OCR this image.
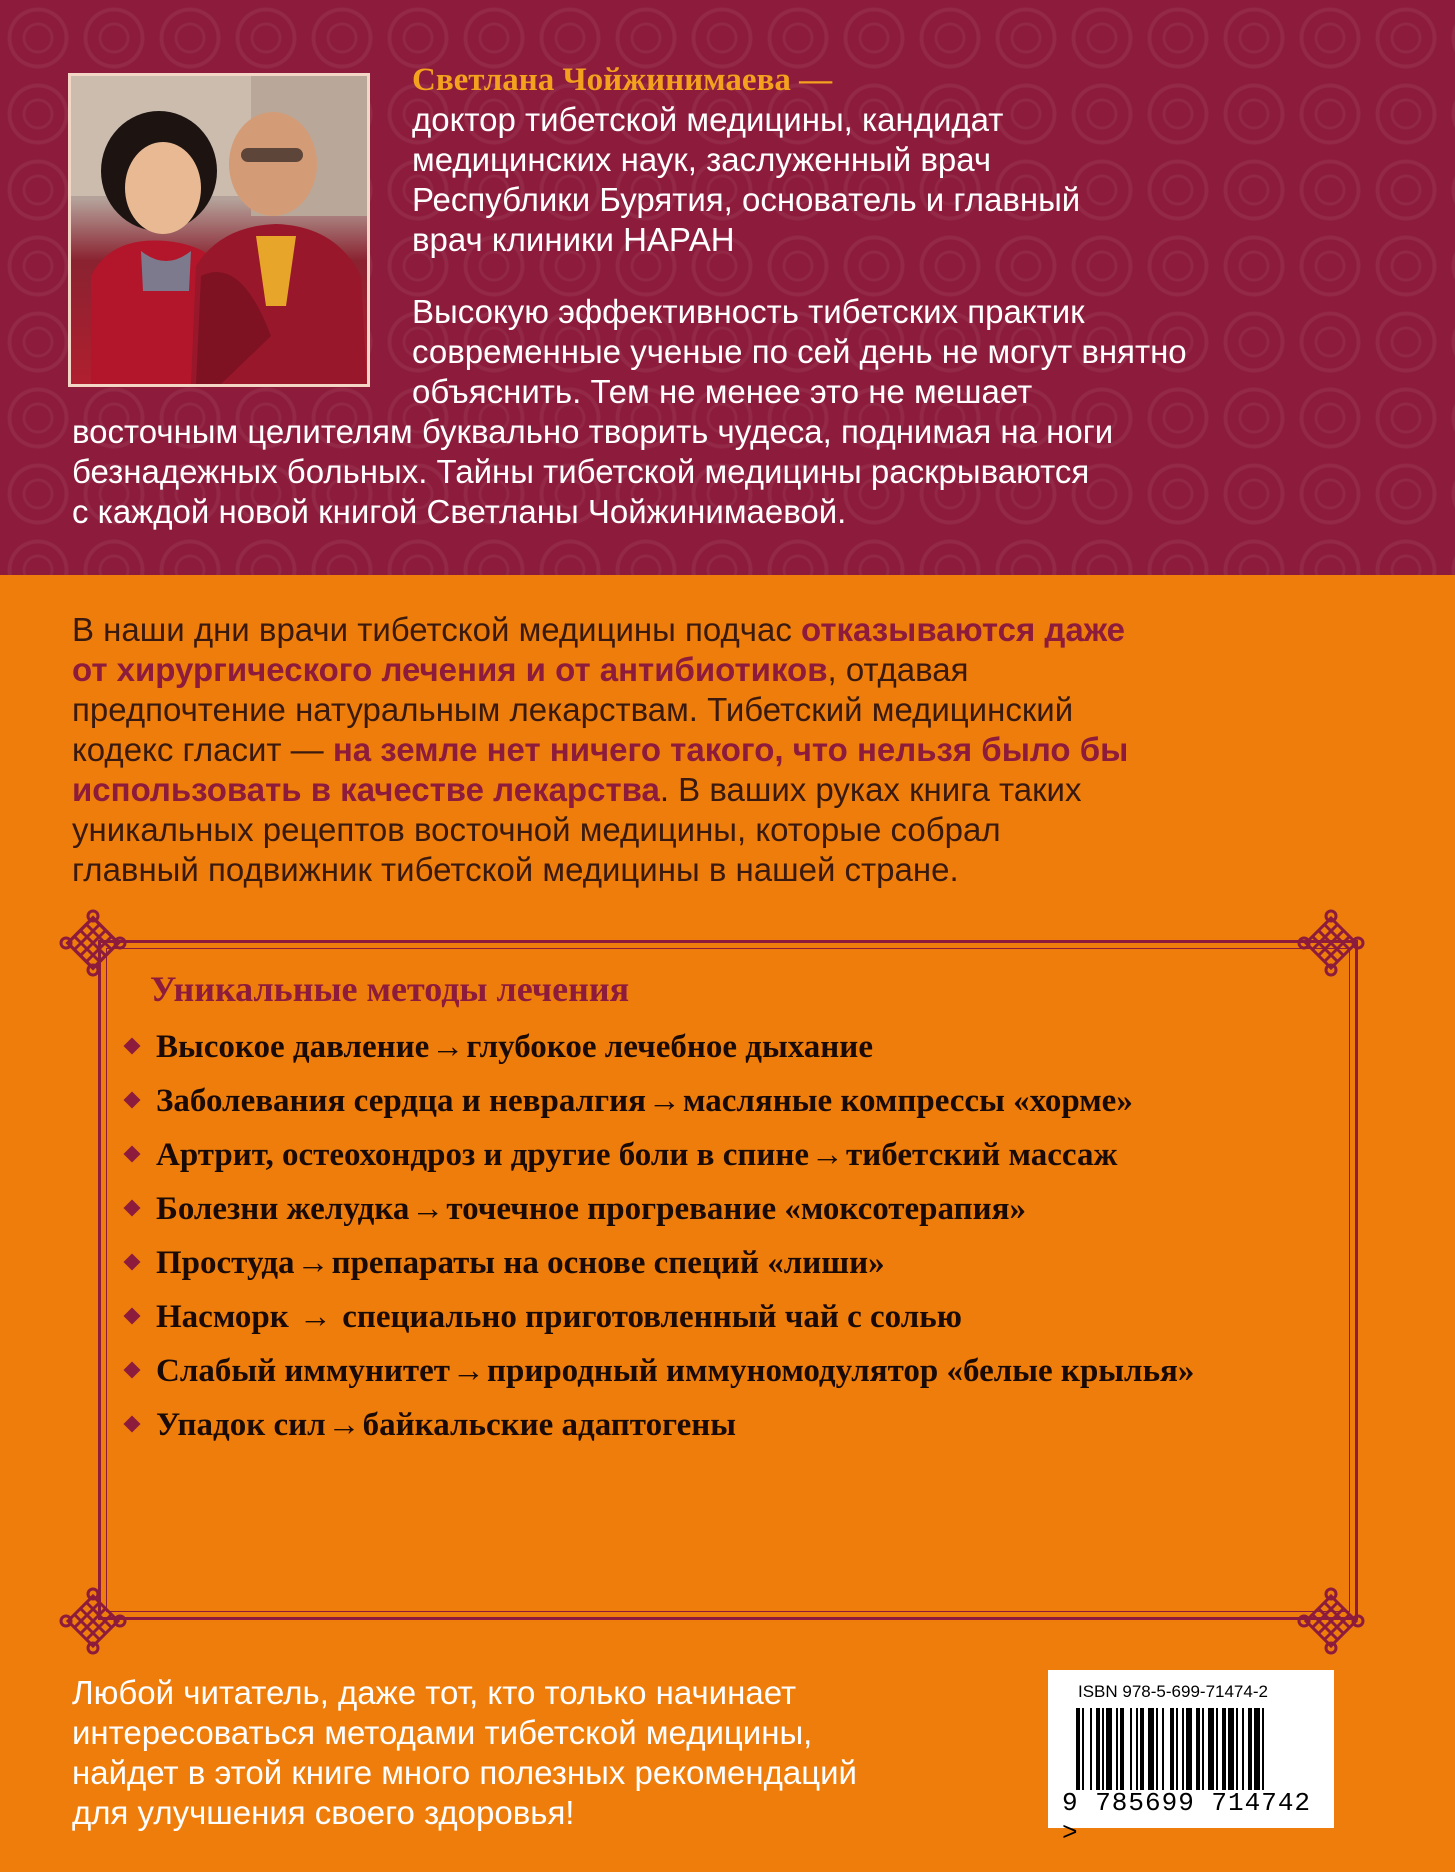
Светлана Чойжинимаева —
доктор тибетской медицины, кандидат
медицинских наук, заслуженный врач
Республики Бурятия, основатель и главный
врач клиники НАРАН
Высокую эффективность тибетских практик
современные ученые по сей день не могут внятно
объяснить. Тем не менее это не мешает
восточным целителям буквально творить чудеса, поднимая на ноги
безнадежных больных. Тайны тибетской медицины раскрываются
с каждой новой книгой Светланы Чойжинимаевой.
В наши дни врачи тибетской медицины подчас отказываются даже
от хирургического лечения и от антибиотиков, отдавая
предпочтение натуральным лекарствам. Тибетский медицинский
кодекс гласит — на земле нет ничего такого, что нельзя было бы
использовать в качестве лекарства. В ваших руках книга таких
уникальных рецептов восточной медицины, которые собрал
главный подвижник тибетской медицины в нашей стране.
Уникальные методы лечения
Высокое давление→глубокое лечебное дыхание
Заболевания сердца и невралгия→масляные компрессы «хорме»
Артрит, остеохондроз и другие боли в спине→тибетский массаж
Болезни желудка→точечное прогревание «моксотерапия»
Простуда→препараты на основе специй «лиши»
Насморк → специально приготовленный чай с солью
Слабый иммунитет→природный иммуномодулятор «белые крылья»
Упадок сил→байкальские адаптогены
Любой читатель, даже тот, кто только начинает
интересоваться методами тибетской медицины,
найдет в этой книге много полезных рекомендаций
для улучшения своего здоровья!
ISBN 978-5-699-71474-2
9 785699 714742 >
